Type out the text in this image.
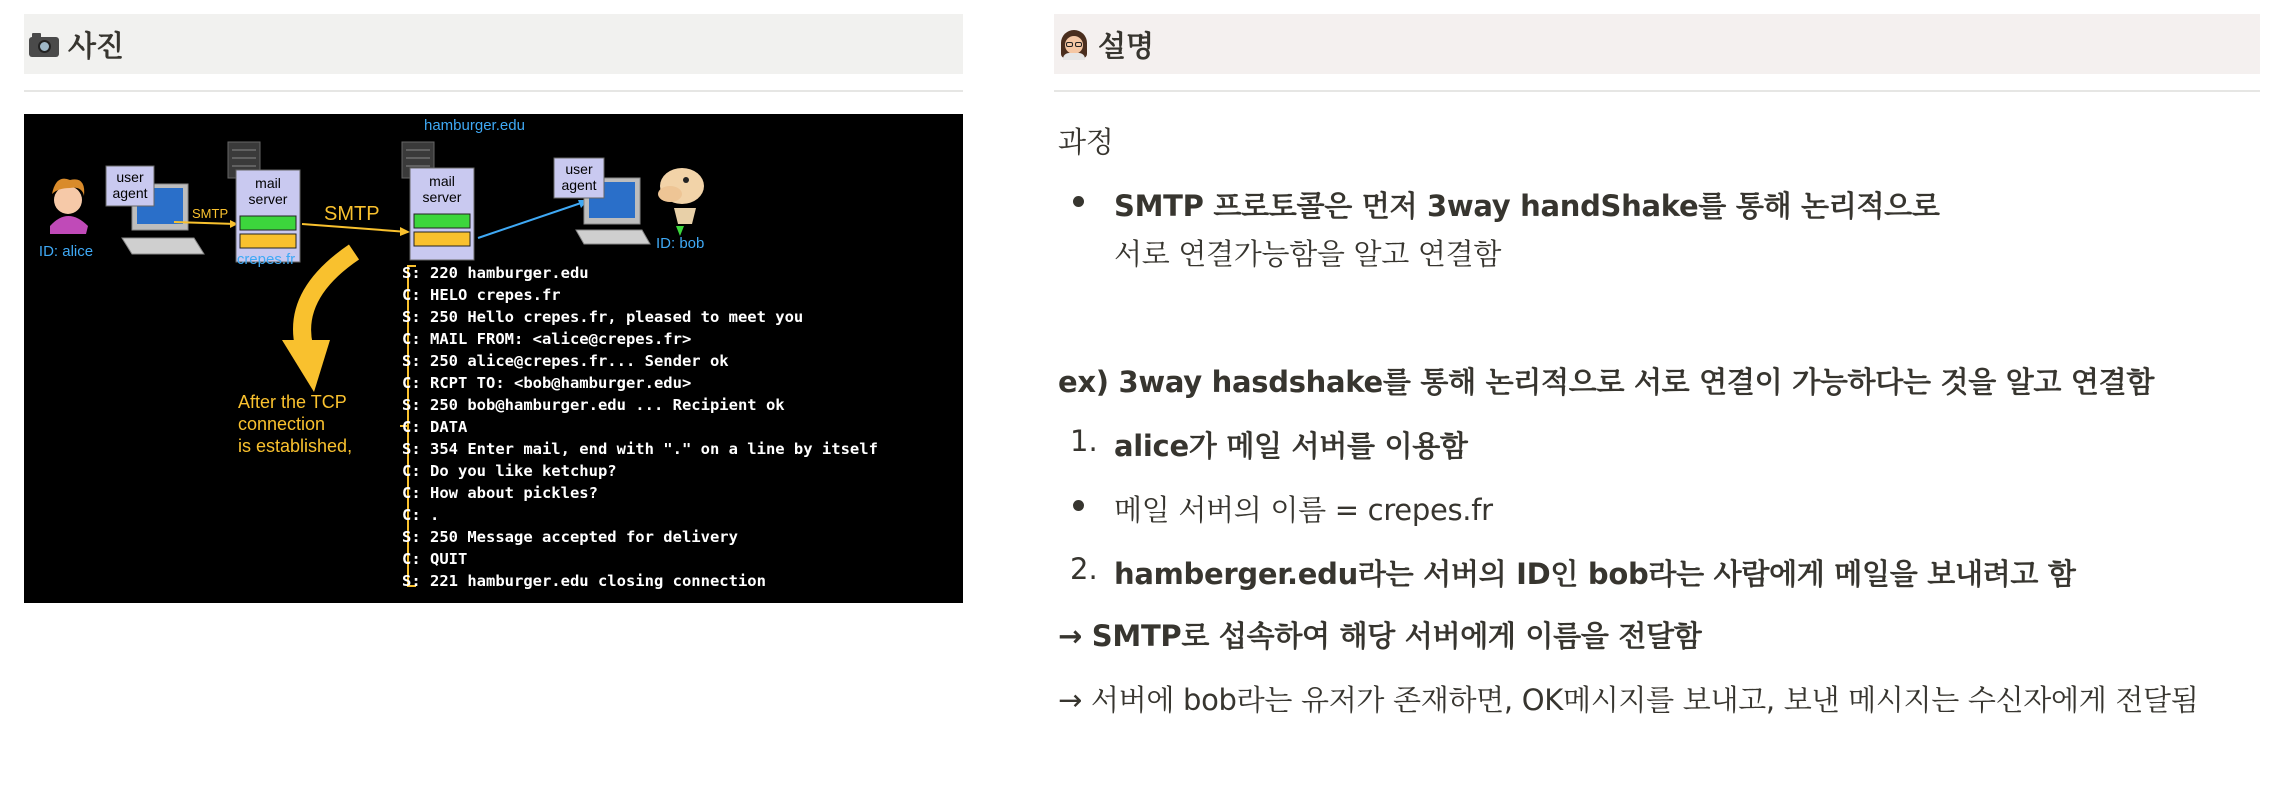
사진
user
agent
ID: alice
SMTP
mail
server
crepes.fr
SMTP
mail
server
hamburger.edu
user
agent
ID: bob
After the TCP
connection
is established,
S: 220 hamburger.edu
C: HELO crepes.fr
S: 250 Hello crepes.fr, pleased to meet you
C: MAIL FROM: <alice@crepes.fr>
S: 250 alice@crepes.fr... Sender ok
C: RCPT TO: <bob@hamburger.edu>
S: 250 bob@hamburger.edu ... Recipient ok
C: DATA
S: 354 Enter mail, end with "." on a line by itself
C: Do you like ketchup?
C: How about pickles?
C: .
S: 250 Message accepted for delivery
C: QUIT
S: 221 hamburger.edu closing connection
설명
과정
SMTP 프로토콜은 먼저 3way handShake를 통해 논리적으로
서로 연결가능함을 알고 연결함
ex) 3way hasdshake를 통해 논리적으로 서로 연결이 가능하다는 것을 알고 연결함
1. alice가 메일 서버를 이용함
메일 서버의 이름 = crepes.fr
2. hamberger.edu라는 서버의 ID인 bob라는 사람에게 메일을 보내려고 함
→ SMTP로 섭속하여 해당 서버에게 이름을 전달함
→ 서버에 bob라는 유저가 존재하면, OK메시지를 보내고, 보낸 메시지는 수신자에게 전달됨
